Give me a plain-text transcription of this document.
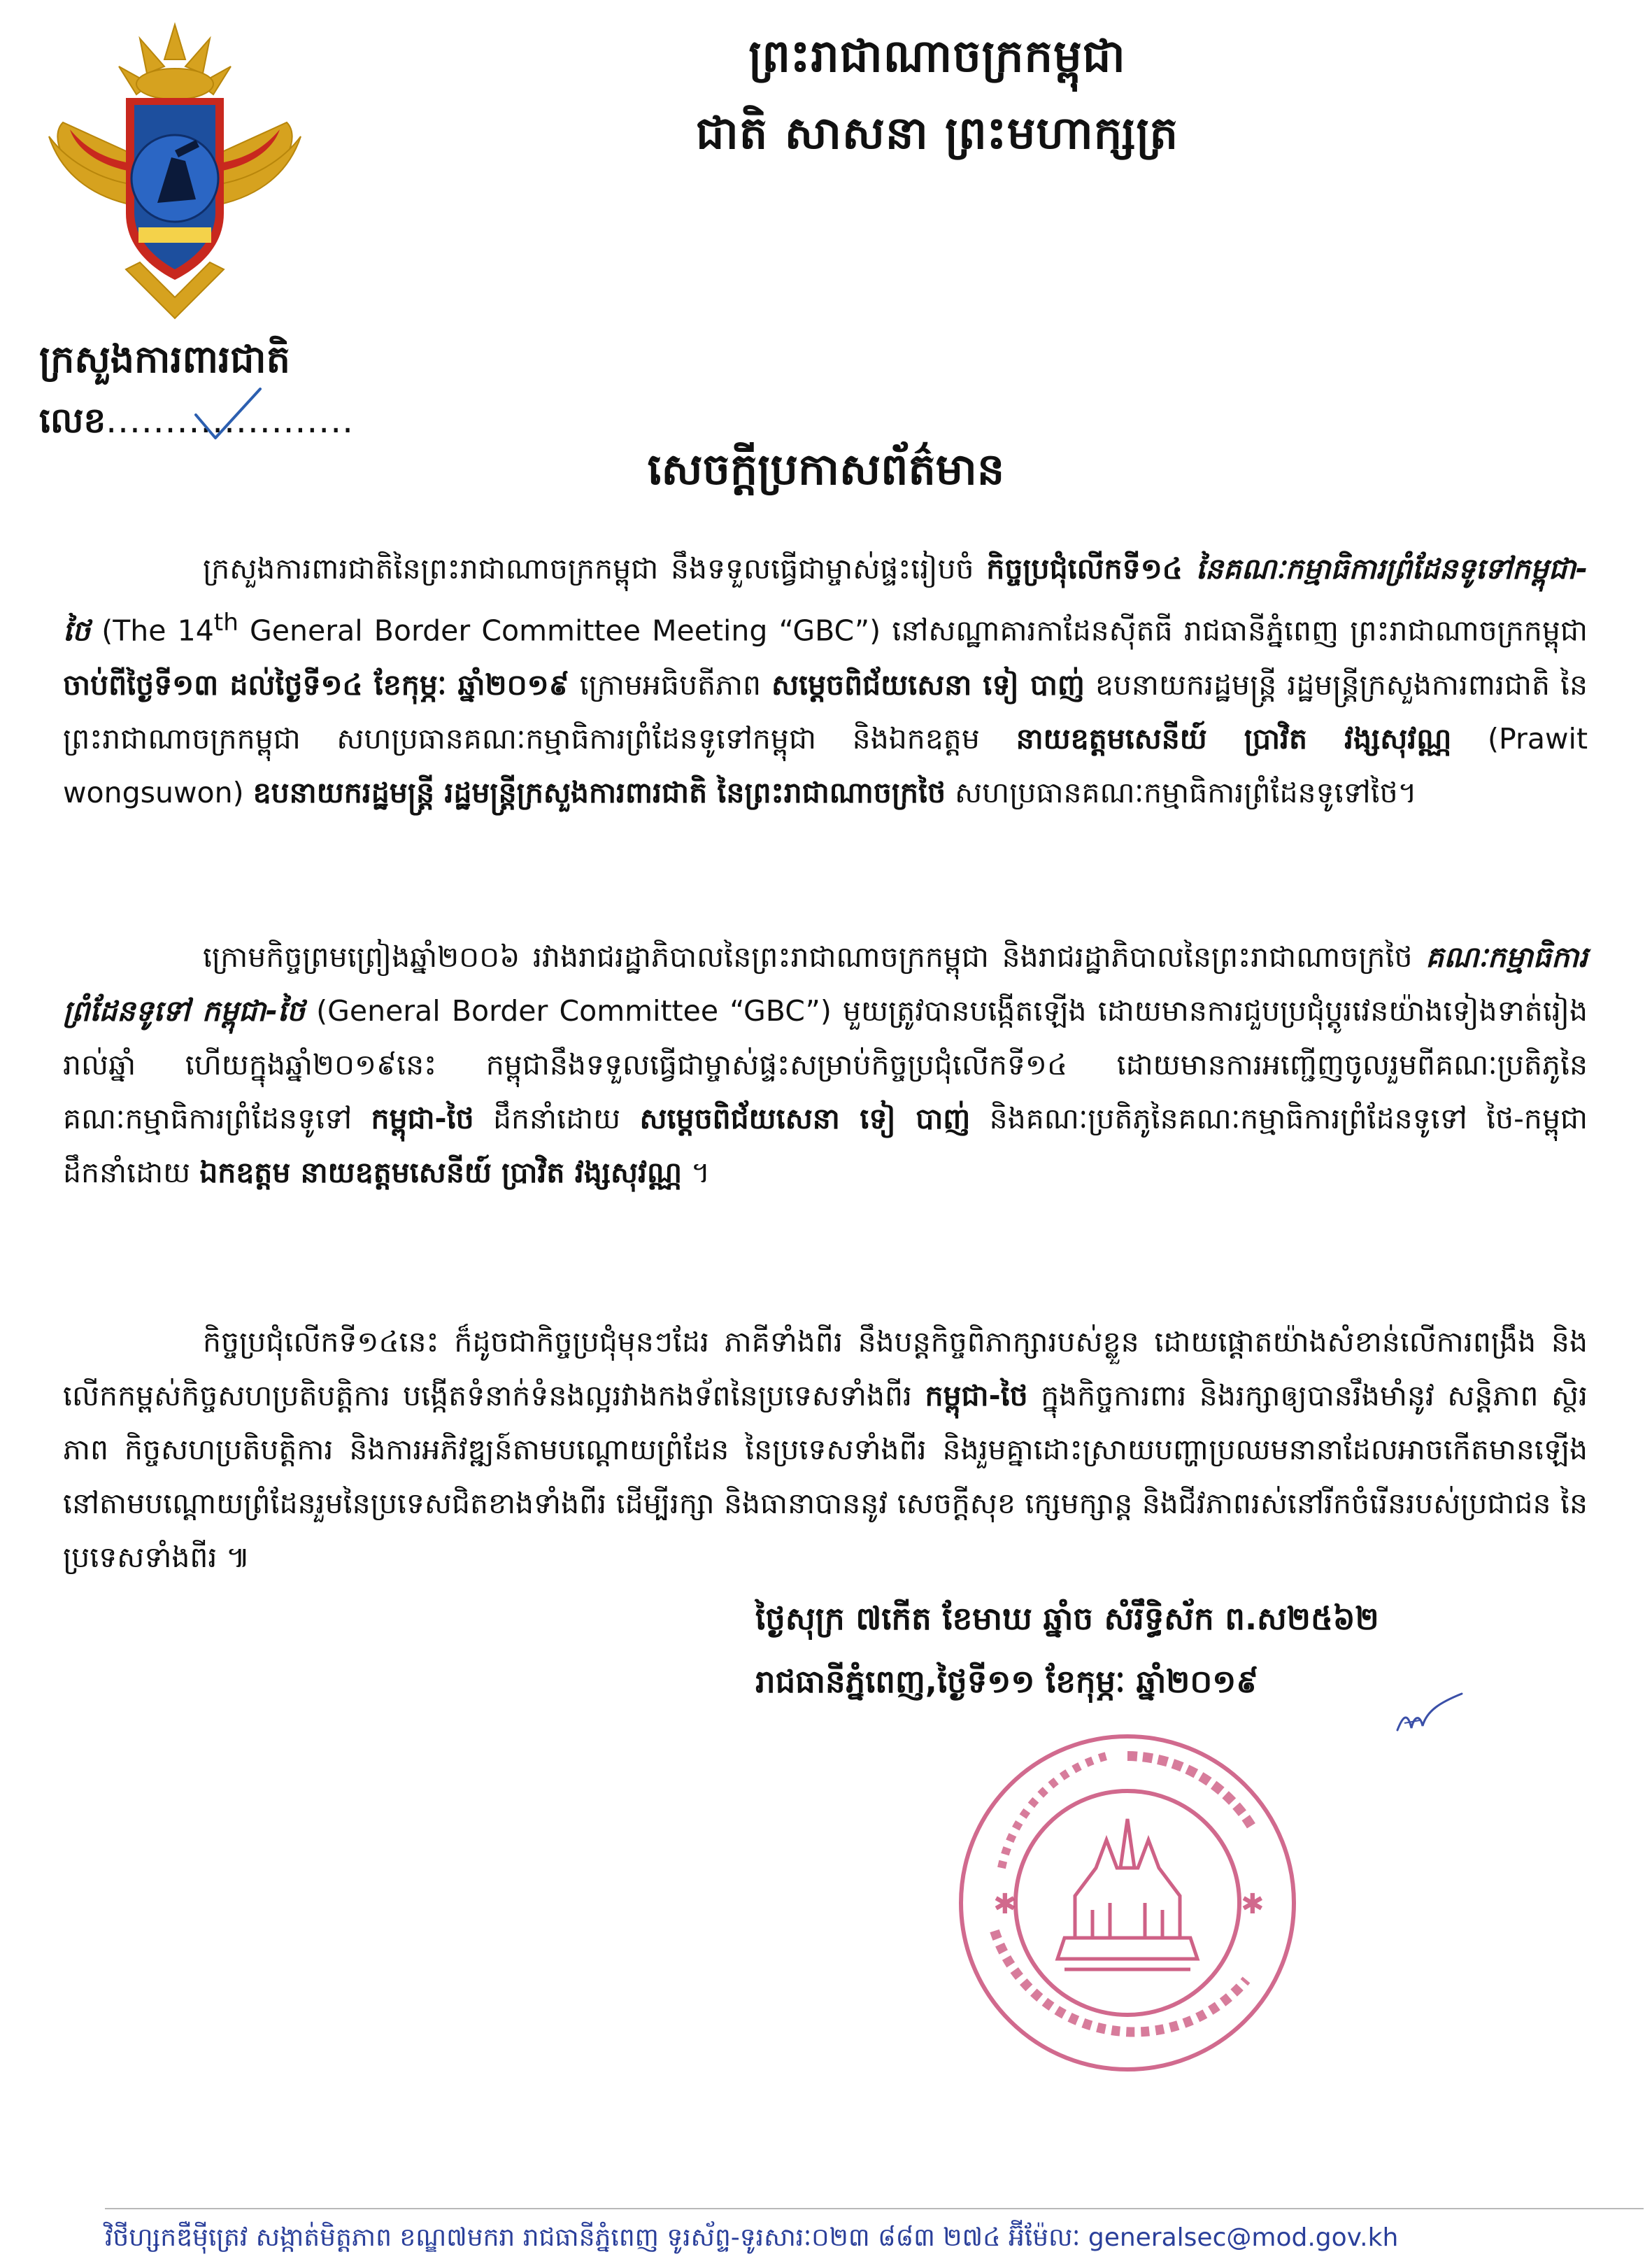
ព្រះរាជាណាចក្រកម្ពុជា
ជាតិ សាសនា ព្រះមហាក្សត្រ
ក្រសួងការពារជាតិ
លេខ.....................
សេចក្តីប្រកាសព័ត៌មាន

ក្រសួងការពារជាតិនៃព្រះរាជាណាចក្រកម្ពុជា នឹងទទួលធ្វើជាម្ចាស់ផ្ទះរៀបចំ កិច្ចប្រជុំលើកទី១៤ នៃគណៈកម្មាធិការព្រំដែនទូទៅកម្ពុជា-ថៃ (The 14th General Border Committee Meeting “GBC”) នៅសណ្ឋាគារកាដែនស៊ីតធី រាជធានីភ្នំពេញ ព្រះរាជាណាចក្រកម្ពុជា ចាប់ពីថ្ងៃទី១៣ ដល់ថ្ងៃទី១៤ ខែកុម្ភៈ ឆ្នាំ២០១៩ ក្រោមអធិបតីភាព សម្តេចពិជ័យសេនា ទៀ បាញ់ ឧបនាយករដ្ឋមន្ត្រី រដ្ឋមន្ត្រីក្រសួងការពារជាតិ នៃព្រះរាជាណាចក្រកម្ពុជា សហប្រធានគណៈកម្មាធិការព្រំដែនទូទៅកម្ពុជា និងឯកឧត្តម នាយឧត្តមសេនីយ៍ ប្រាវិត វង្សសុវណ្ណ (Prawit wongsuwon) ឧបនាយករដ្ឋមន្ត្រី រដ្ឋមន្ត្រីក្រសួងការពារជាតិ នៃព្រះរាជាណាចក្រថៃ សហប្រធានគណៈកម្មាធិការព្រំដែនទូទៅថៃ។

ក្រោមកិច្ចព្រមព្រៀងឆ្នាំ២០០៦ រវាងរាជរដ្ឋាភិបាលនៃព្រះរាជាណាចក្រកម្ពុជា និងរាជរដ្ឋាភិបាលនៃព្រះរាជាណាចក្រថៃ គណៈកម្មាធិការព្រំដែនទូទៅ កម្ពុជា-ថៃ (General Border Committee “GBC”) មួយត្រូវបានបង្កើតឡើង ដោយមានការជួបប្រជុំប្តូរវេនយ៉ាងទៀងទាត់រៀងរាល់ឆ្នាំ ហើយក្នុងឆ្នាំ២០១៩នេះ កម្ពុជានឹងទទួលធ្វើជាម្ចាស់ផ្ទះសម្រាប់កិច្ចប្រជុំលើកទី១៤ ដោយមានការអញ្ជើញចូលរួមពីគណៈប្រតិភូនៃគណៈកម្មាធិការព្រំដែនទូទៅ កម្ពុជា-ថៃ ដឹកនាំដោយ សម្តេចពិជ័យសេនា ទៀ បាញ់ និងគណៈប្រតិភូនៃគណៈកម្មាធិការព្រំដែនទូទៅ ថៃ-កម្ពុជា ដឹកនាំដោយ ឯកឧត្តម នាយឧត្តមសេនីយ៍ ប្រាវិត វង្សសុវណ្ណ ។

កិច្ចប្រជុំលើកទី១៤នេះ ក៏ដូចជាកិច្ចប្រជុំមុនៗដែរ ភាគីទាំងពីរ នឹងបន្តកិច្ចពិភាក្សារបស់ខ្លួន ដោយផ្តោតយ៉ាងសំខាន់លើការពង្រឹង និងលើកកម្ពស់កិច្ចសហប្រតិបត្តិការ បង្កើតទំនាក់ទំនងល្អរវាងកងទ័ពនៃប្រទេសទាំងពីរ កម្ពុជា-ថៃ ក្នុងកិច្ចការពារ និងរក្សាឲ្យបានរឹងមាំនូវ សន្តិភាព ស្ថិរភាព កិច្ចសហប្រតិបត្តិការ និងការអភិវឌ្ឍន៍តាមបណ្តោយព្រំដែន នៃប្រទេសទាំងពីរ និងរួមគ្នាដោះស្រាយបញ្ហាប្រឈមនានាដែលអាចកើតមានឡើងនៅតាមបណ្តោយព្រំដែនរួមនៃប្រទេសជិតខាងទាំងពីរ ដើម្បីរក្សា និងធានាបាននូវ សេចក្តីសុខ ក្សេមក្សាន្ត និងជីវភាពរស់នៅរីកចំរើនរបស់ប្រជាជន នៃប្រទេសទាំងពីរ ៕

ថ្ងៃសុក្រ ៧កើត ខែមាឃ ឆ្នាំច សំរឹទ្ធិស័ក ព.ស២៥៦២
រាជធានីភ្នំពេញ,ថ្ងៃទី១១ ខែកុម្ភៈ ឆ្នាំ២០១៩
✱	✱
វិថីហ្សកឌឺម៉ីត្រេវ សង្កាត់មិត្តភាព ខណ្ឌ៧មករា រាជធានីភ្នំពេញ ទូរស័ព្ទ-ទូរសារៈ០២៣ ៨៨៣ ២៧៤ អ៊ីម៉ែលៈ generalsec@mod.gov.kh
